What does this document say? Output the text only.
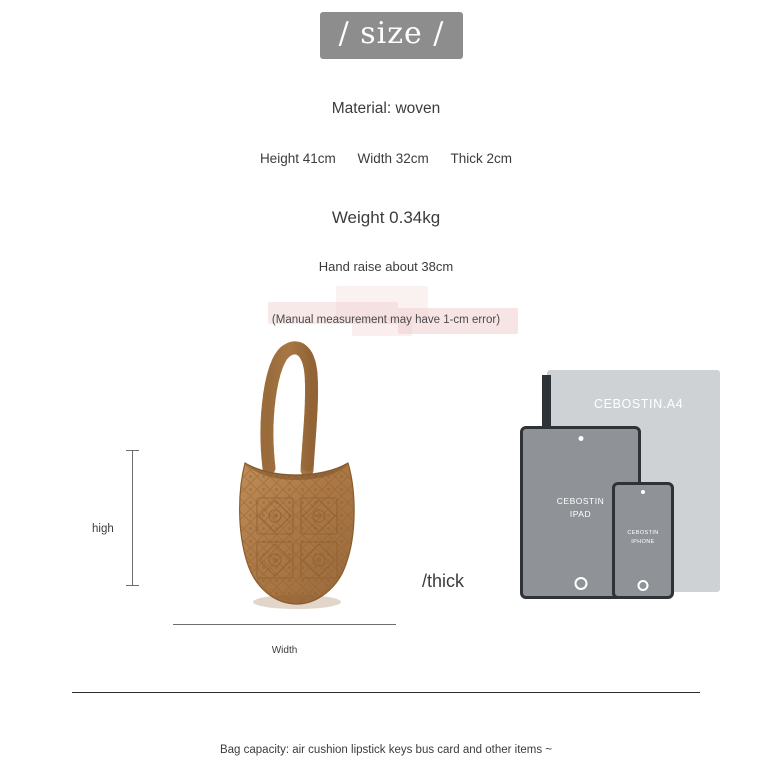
/ size /
Material: woven
Height 41cm Width 32cm Thick 2cm
Weight 0.34kg
Hand raise about 38cm
(Manual measurement may have 1-cm error)
high
Width
/thick
CEBOSTIN.A4
CEBOSTIN
IPAD
CEBOSTIN
IPHONE
Bag capacity: air cushion lipstick keys bus card and other items ~
